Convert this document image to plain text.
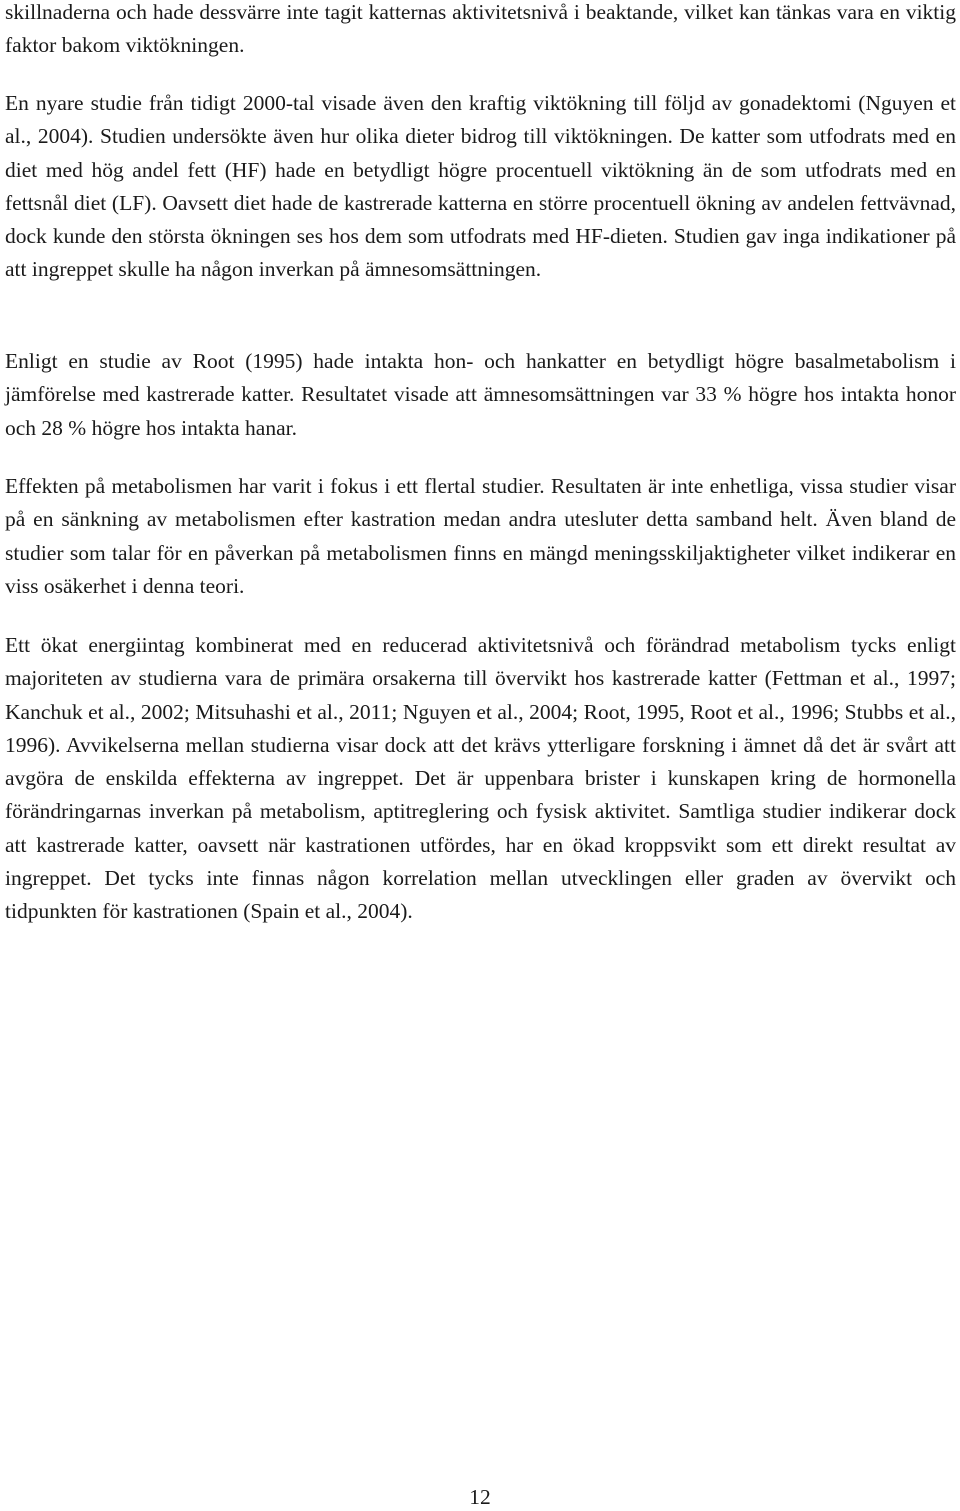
skillnaderna och hade dessvärre inte tagit katternas aktivitetsnivå i beaktande, vilket kan tänkas vara en viktig faktor bakom viktökningen.

En nyare studie från tidigt 2000-tal visade även den kraftig viktökning till följd av gonadektomi (Nguyen et al., 2004). Studien undersökte även hur olika dieter bidrog till viktökningen. De katter som utfodrats med en diet med hög andel fett (HF) hade en betydligt högre procentuell viktökning än de som utfodrats med en fettsnål diet (LF). Oavsett diet hade de kastrerade katterna en större procentuell ökning av andelen fettvävnad, dock kunde den största ökningen ses hos dem som utfodrats med HF-dieten. Studien gav inga indikationer på att ingreppet skulle ha någon inverkan på ämnesomsättningen.

Enligt en studie av Root (1995) hade intakta hon- och hankatter en betydligt högre basalmetabolism i jämförelse med kastrerade katter. Resultatet visade att ämnesomsättningen var 33 % högre hos intakta honor och 28 % högre hos intakta hanar.

Effekten på metabolismen har varit i fokus i ett flertal studier. Resultaten är inte enhetliga, vissa studier visar på en sänkning av metabolismen efter kastration medan andra utesluter detta samband helt. Även bland de studier som talar för en påverkan på metabolismen finns en mängd meningsskiljaktigheter vilket indikerar en viss osäkerhet i denna teori.

Ett ökat energiintag kombinerat med en reducerad aktivitetsnivå och förändrad metabolism tycks enligt majoriteten av studierna vara de primära orsakerna till övervikt hos kastrerade katter (Fettman et al., 1997; Kanchuk et al., 2002; Mitsuhashi et al., 2011; Nguyen et al., 2004; Root, 1995, Root et al., 1996; Stubbs et al., 1996). Avvikelserna mellan studierna visar dock att det krävs ytterligare forskning i ämnet då det är svårt att avgöra de enskilda effekterna av ingreppet. Det är uppenbara brister i kunskapen kring de hormonella förändringarnas inverkan på metabolism, aptitreglering och fysisk aktivitet. Samtliga studier indikerar dock att kastrerade katter, oavsett när kastrationen utfördes, har en ökad kroppsvikt som ett direkt resultat av ingreppet. Det tycks inte finnas någon korrelation mellan utvecklingen eller graden av övervikt och tidpunkten för kastrationen (Spain et al., 2004).

12
